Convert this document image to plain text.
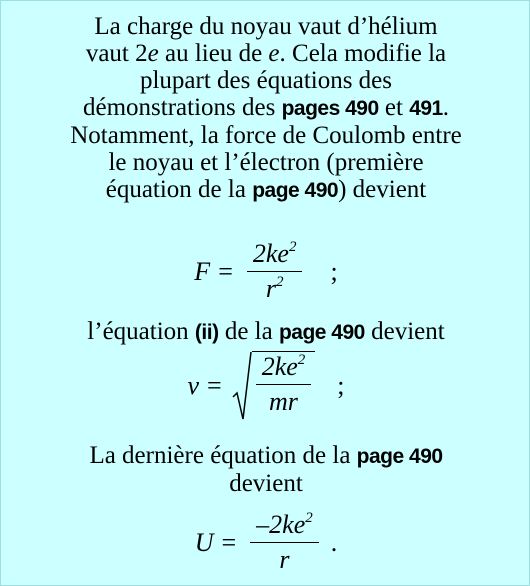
La charge du noyau vaut d’hélium
vaut 2e au lieu de e. Cela modifie la
plupart des équations des
démonstrations des pages 490 et 491.
Notamment, la force de Coulomb entre
le noyau et l’électron (première
équation de la page 490) devient
$F = \frac{2ke^2}{r^2}$ ;
l’équation (ii) de la page 490 devient
$v = \frac{2ke^2}{mr}$ ;
La dernière équation de la page 490
devient
$U = \frac{-2ke^2}{r}$ .
